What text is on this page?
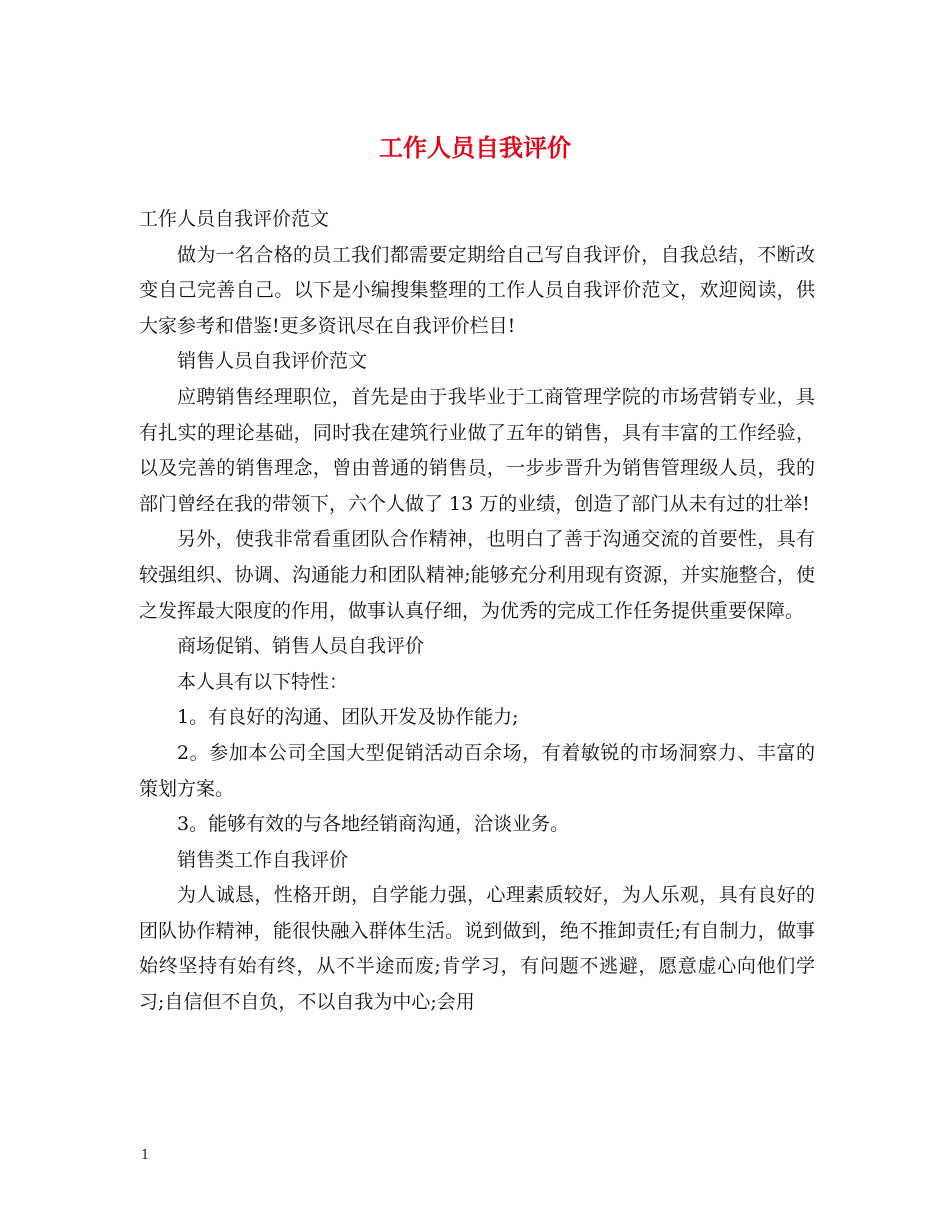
工作人员自我评价

工作人员自我评价范文

做为一名合格的员工我们都需要定期给自己写自我评价，自我总结，不断改变自己完善自己。以下是小编搜集整理的工作人员自我评价范文，欢迎阅读，供大家参考和借鉴!更多资讯尽在自我评价栏目!

销售人员自我评价范文

应聘销售经理职位，首先是由于我毕业于工商管理学院的市场营销专业，具有扎实的理论基础，同时我在建筑行业做了五年的销售，具有丰富的工作经验，以及完善的销售理念，曾由普通的销售员，一步步晋升为销售管理级人员，我的部门曾经在我的带领下，六个人做了 13 万的业绩，创造了部门从未有过的壮举!

另外，使我非常看重团队合作精神，也明白了善于沟通交流的首要性，具有较强组织、协调、沟通能力和团队精神;能够充分利用现有资源，并实施整合，使之发挥最大限度的作用，做事认真仔细，为优秀的完成工作任务提供重要保障。

商场促销、销售人员自我评价

本人具有以下特性：

1。有良好的沟通、团队开发及协作能力;

2。参加本公司全国大型促销活动百余场，有着敏锐的市场洞察力、丰富的策划方案。

3。能够有效的与各地经销商沟通，洽谈业务。

销售类工作自我评价

为人诚恳，性格开朗，自学能力强，心理素质较好，为人乐观，具有良好的团队协作精神，能很快融入群体生活。说到做到，绝不推卸责任;有自制力，做事始终坚持有始有终，从不半途而废;肯学习，有问题不逃避，愿意虚心向他们学习;自信但不自负，不以自我为中心;会用

1
